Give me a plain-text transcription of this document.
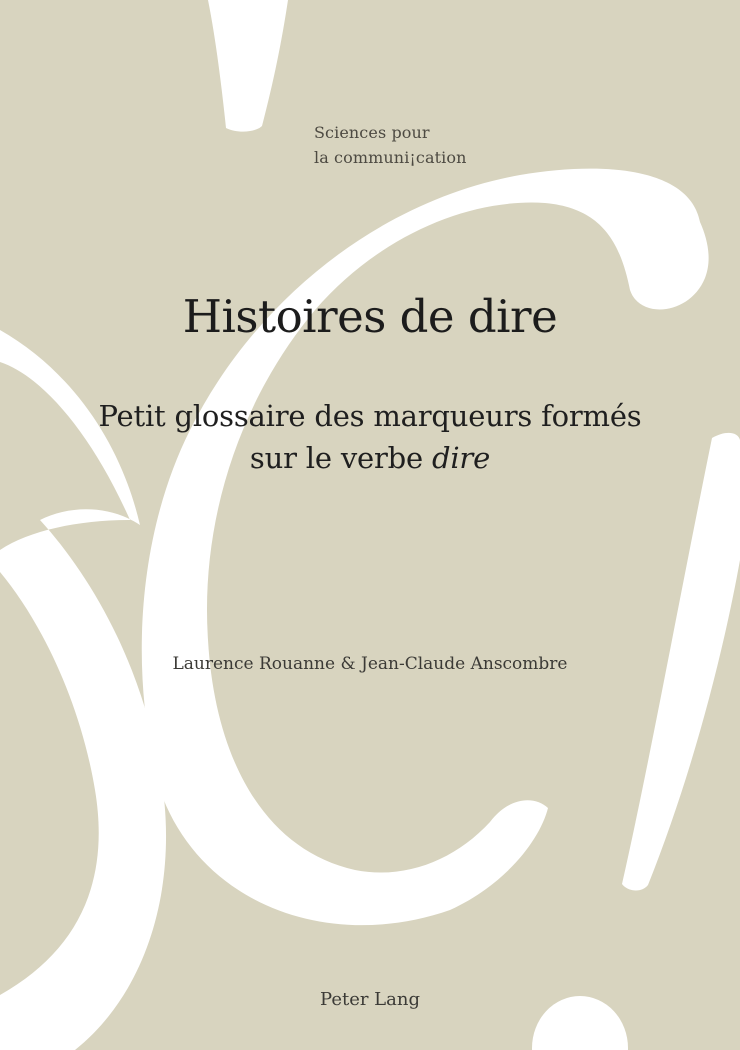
Sciences pour
la communi¡cation
Histoires de dire
Petit glossaire des marqueurs formés
sur le verbe dire
Laurence Rouanne & Jean-Claude Anscombre
Peter Lang
